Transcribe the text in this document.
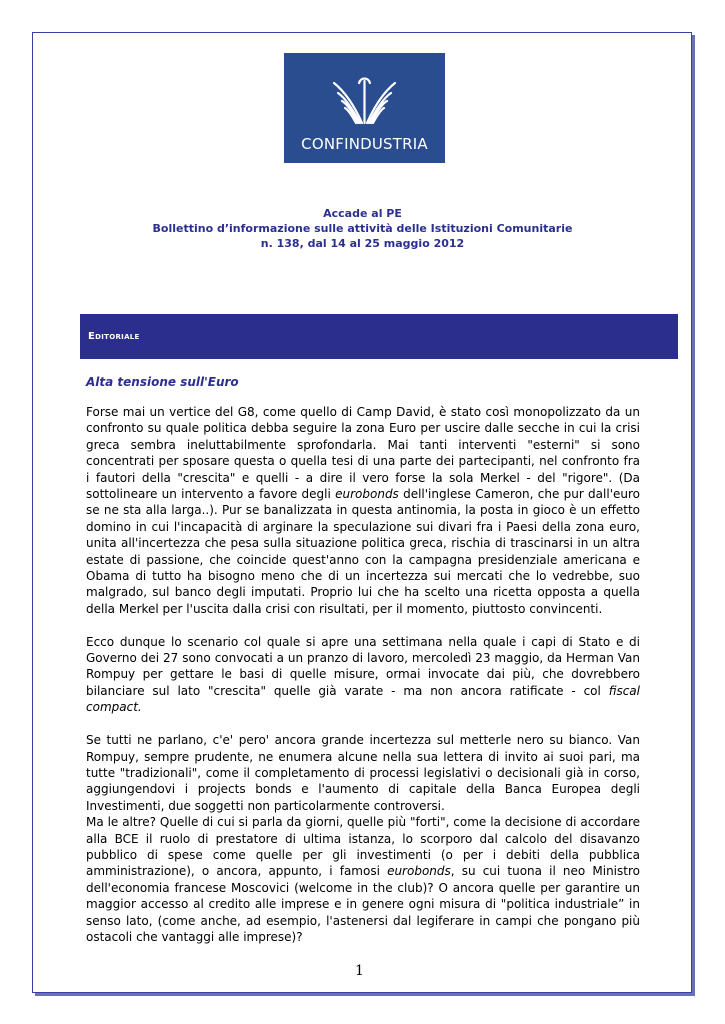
CONFINDUSTRIA
Accade al PE
Bollettino d’informazione sulle attività delle Istituzioni Comunitarie
n. 138, dal 14 al 25 maggio 2012
Editoriale
Alta tensione sull'Euro

Forse mai un vertice del G8, come quello di Camp David, è stato così monopolizzato da un confronto su quale politica debba seguire la zona Euro per uscire dalle secche in cui la crisi greca sembra ineluttabilmente sprofondarla. Mai tanti interventi "esterni" si sono concentrati per sposare questa o quella tesi di una parte dei partecipanti, nel confronto fra i fautori della "crescita" e quelli - a dire il vero forse la sola Merkel - del "rigore". (Da sottolineare un intervento a favore degli eurobonds dell'inglese Cameron, che pur dall'euro se ne sta alla larga..). Pur se banalizzata in questa antinomia, la posta in gioco è un effetto domino in cui l'incapacità di arginare la speculazione sui divari fra i Paesi della zona euro, unita all'incertezza che pesa sulla situazione politica greca, rischia di trascinarsi in un altra estate di passione, che coincide quest'anno con la campagna presidenziale americana e Obama di tutto ha bisogno meno che di un incertezza sui mercati che lo vedrebbe, suo malgrado, sul banco degli imputati. Proprio lui che ha scelto una ricetta opposta a quella della Merkel per l'uscita dalla crisi con risultati, per il momento, piuttosto convincenti.

Ecco dunque lo scenario col quale si apre una settimana nella quale i capi di Stato e di Governo dei 27 sono convocati a un pranzo di lavoro, mercoledì 23 maggio, da Herman Van Rompuy per gettare le basi di quelle misure, ormai invocate dai più, che dovrebbero bilanciare sul lato "crescita" quelle già varate - ma non ancora ratificate - col fiscal compact.

Se tutti ne parlano, c'e' pero' ancora grande incertezza sul metterle nero su bianco. Van Rompuy, sempre prudente, ne enumera alcune nella sua lettera di invito ai suoi pari, ma tutte "tradizionali", come il completamento di processi legislativi o decisionali già in corso, aggiungendovi i projects bonds e l'aumento di capitale della Banca Europea degli Investimenti, due soggetti non particolarmente controversi.
Ma le altre? Quelle di cui si parla da giorni, quelle più "forti", come la decisione di accordare alla BCE il ruolo di prestatore di ultima istanza, lo scorporo dal calcolo del disavanzo pubblico di spese come quelle per gli investimenti (o per i debiti della pubblica amministrazione), o ancora, appunto, i famosi eurobonds, su cui tuona il neo Ministro dell'economia francese Moscovici (welcome in the club)? O ancora quelle per garantire un maggior accesso al credito alle imprese e in genere ogni misura di "politica industriale” in senso lato, (come anche, ad esempio, l'astenersi dal legiferare in campi che pongano più ostacoli che vantaggi alle imprese)?

1
